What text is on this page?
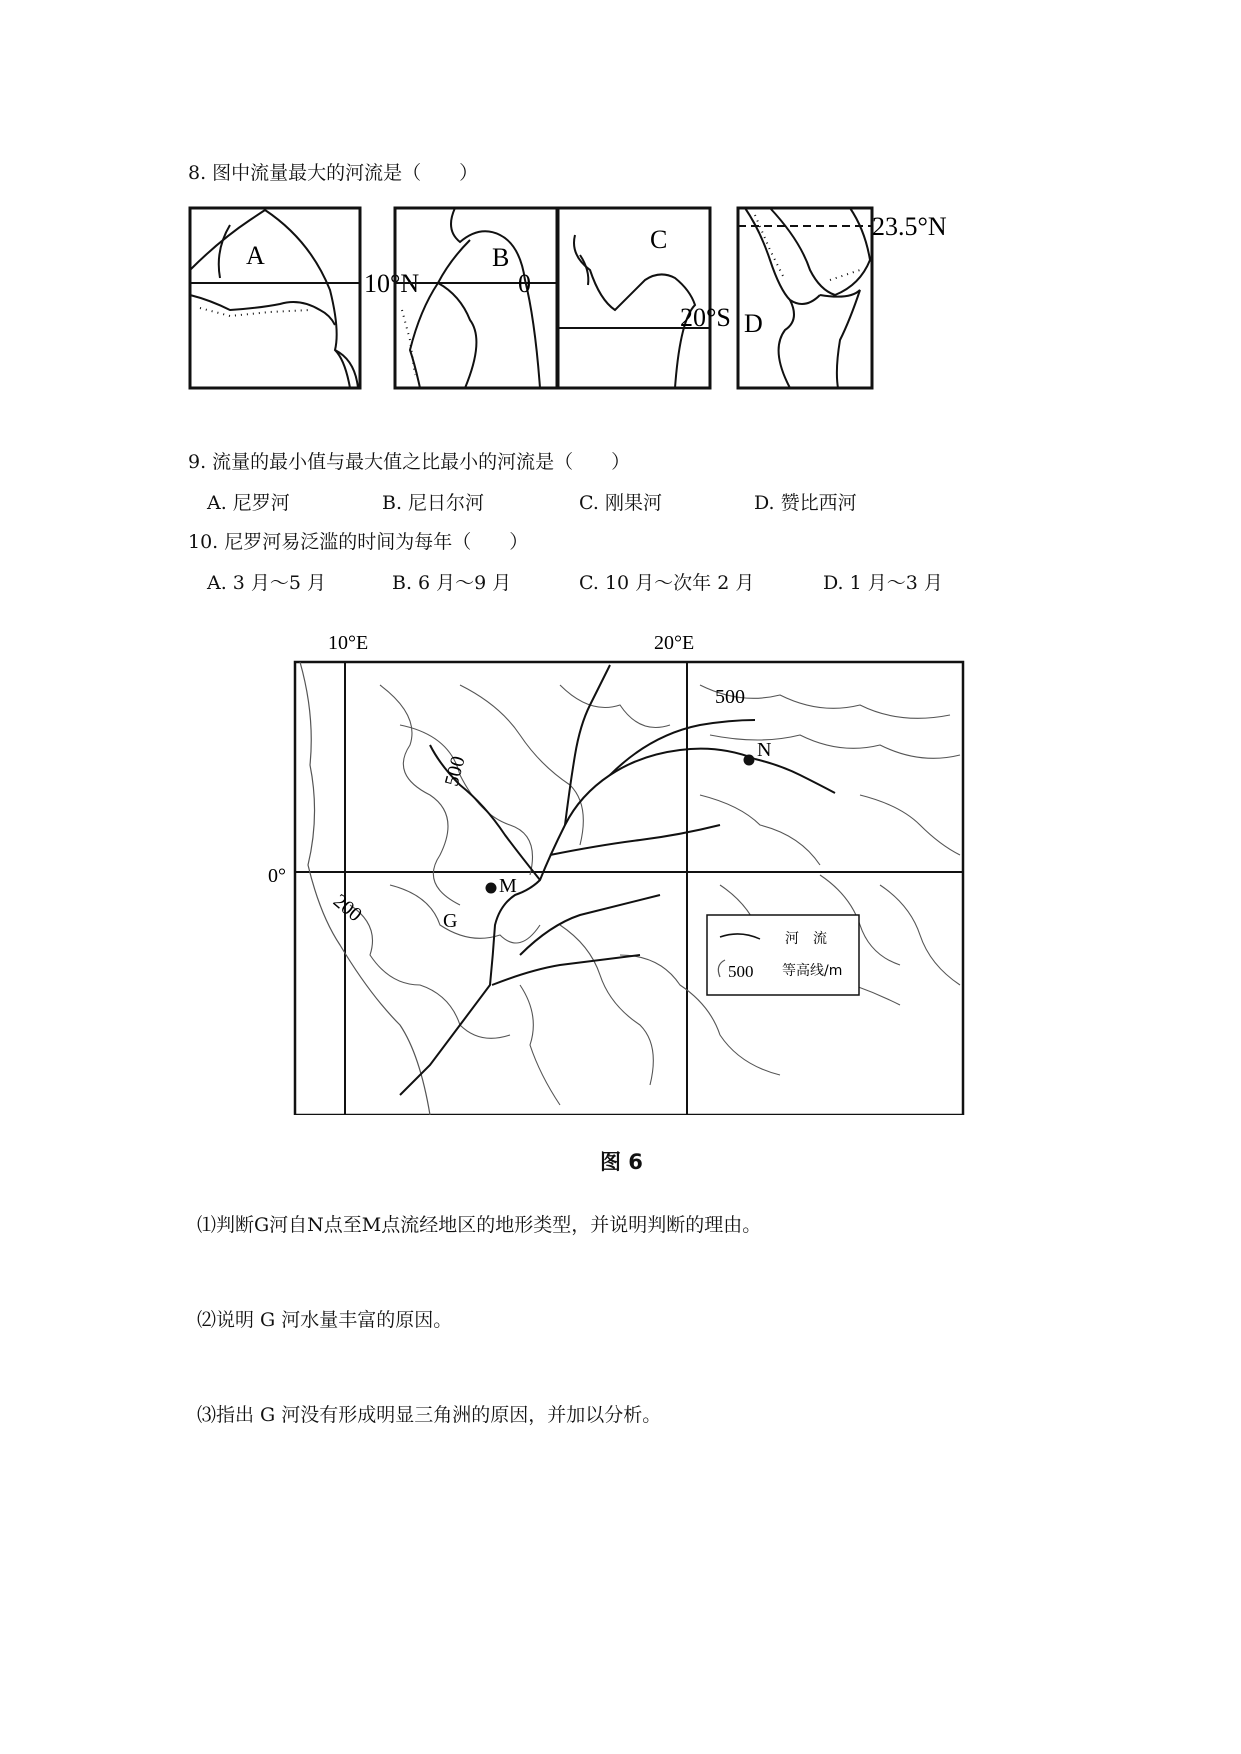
8. 图中流量最大的河流是（　　）
A
10°N
B
0
C
20°S D
23.5°N
9. 流量的最小值与最大值之比最小的河流是（　　）
A. 尼罗河	B. 尼日尔河	C. 刚果河	D. 赞比西河
10. 尼罗河易泛滥的时间为每年（　　）
A. 3 月～5 月	B. 6 月～9 月	C. 10 月～次年 2 月	D. 1 月～3 月
10°E	20°E
0°
500
500
200
N
M
G
河　流
500 等高线/m
图 6
⑴判断G河自N点至M点流经地区的地形类型，并说明判断的理由。
⑵说明 G 河水量丰富的原因。
⑶指出 G 河没有形成明显三角洲的原因，并加以分析。
